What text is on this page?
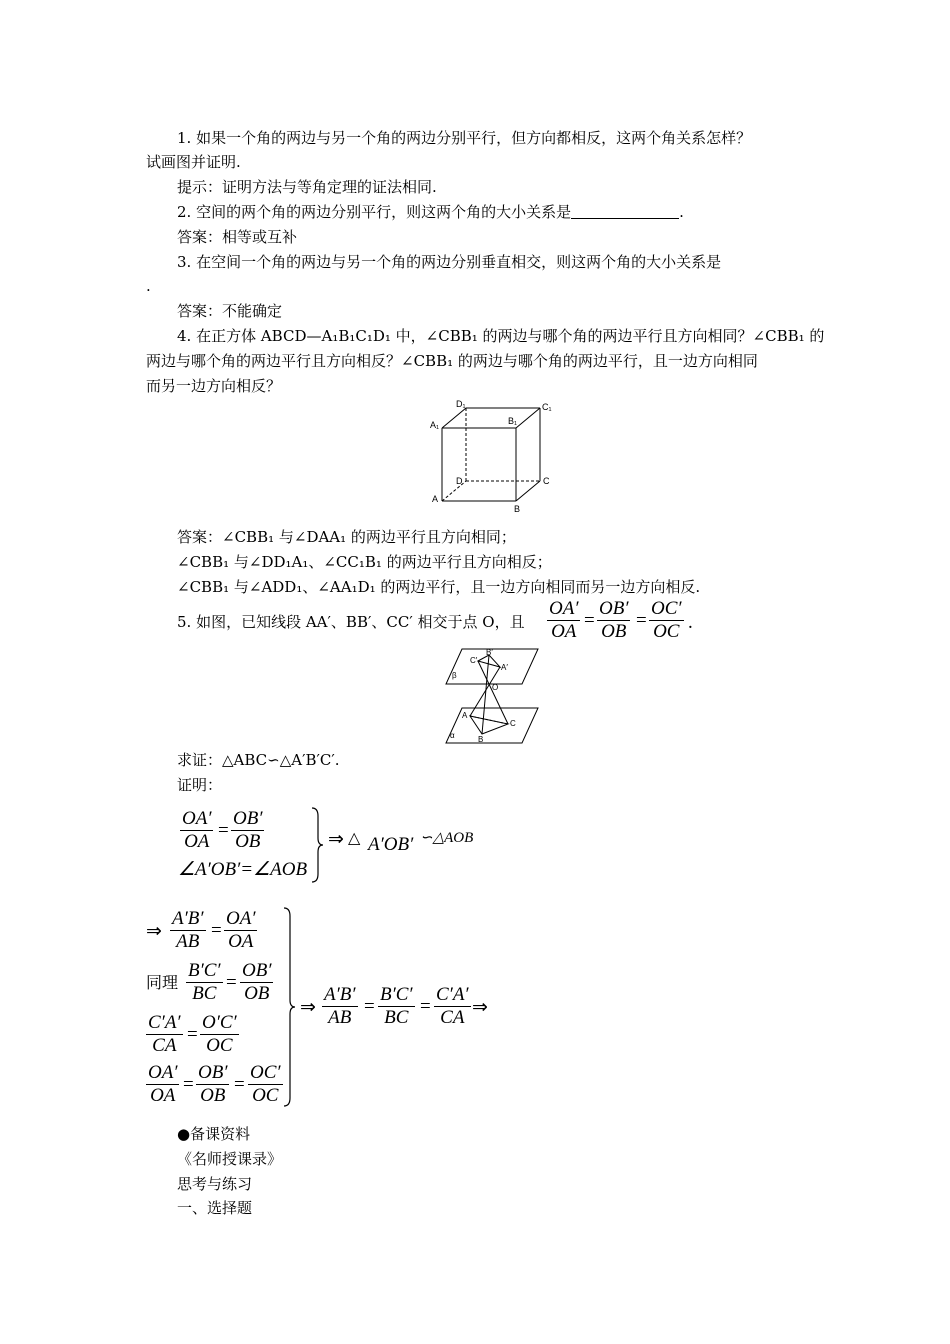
1. 如果一个角的两边与另一个角的两边分别平行，但方向都相反，这两个角关系怎样？
试画图并证明.
提示：证明方法与等角定理的证法相同.
2. 空间的两个角的两边分别平行，则这两个角的大小关系是	.
答案：相等或互补
3. 在空间一个角的两边与另一个角的两边分别垂直相交，则这两个角的大小关系是
.
答案：不能确定
4. 在正方体 ABCD—A₁B₁C₁D₁ 中，∠CBB₁ 的两边与哪个角的两边平行且方向相同？∠CBB₁ 的
两边与哪个角的两边平行且方向相反？∠CBB₁ 的两边与哪个角的两边平行，且一边方向相同
而另一边方向相反？
D₁
B₁
C₁
A₁
D	C
A
B
答案：∠CBB₁ 与∠DAA₁ 的两边平行且方向相同；
∠CBB₁ 与∠DD₁A₁、∠CC₁B₁ 的两边平行且方向相反；
∠CBB₁ 与∠ADD₁、∠AA₁D₁ 的两边平行，且一边方向相同而另一边方向相反.
5. 如图，已知线段 AA′、BB′、CC′ 相交于点 O，且 $\frac{OA'}{OA} = \frac{OB'}{OB} = \frac{OC'}{OC}$ .
C′
B′
A′
O
A
B
C
β
α
求证：△ABC∽△A′B′C′.
证明：
$\frac{OA'}{OA} = \frac{OB'}{OB}$
∠A′OB′=∠AOB
⇒ △ A′OB′ ∽△AOB
⇒ $\frac{A'B'}{AB} = \frac{OA'}{OA}$
同理 $\frac{B'C'}{BC} = \frac{OB'}{OB}$
$\frac{C'A'}{CA} = \frac{O'C'}{OC}$
$\frac{OA'}{OA} = \frac{OB'}{OB} = \frac{OC'}{OC}$
⇒ $\frac{A'B'}{AB} = \frac{B'C'}{BC} = \frac{C'A'}{CA}$ ⇒
●备课资料
《名师授课录》
思考与练习
一、选择题
